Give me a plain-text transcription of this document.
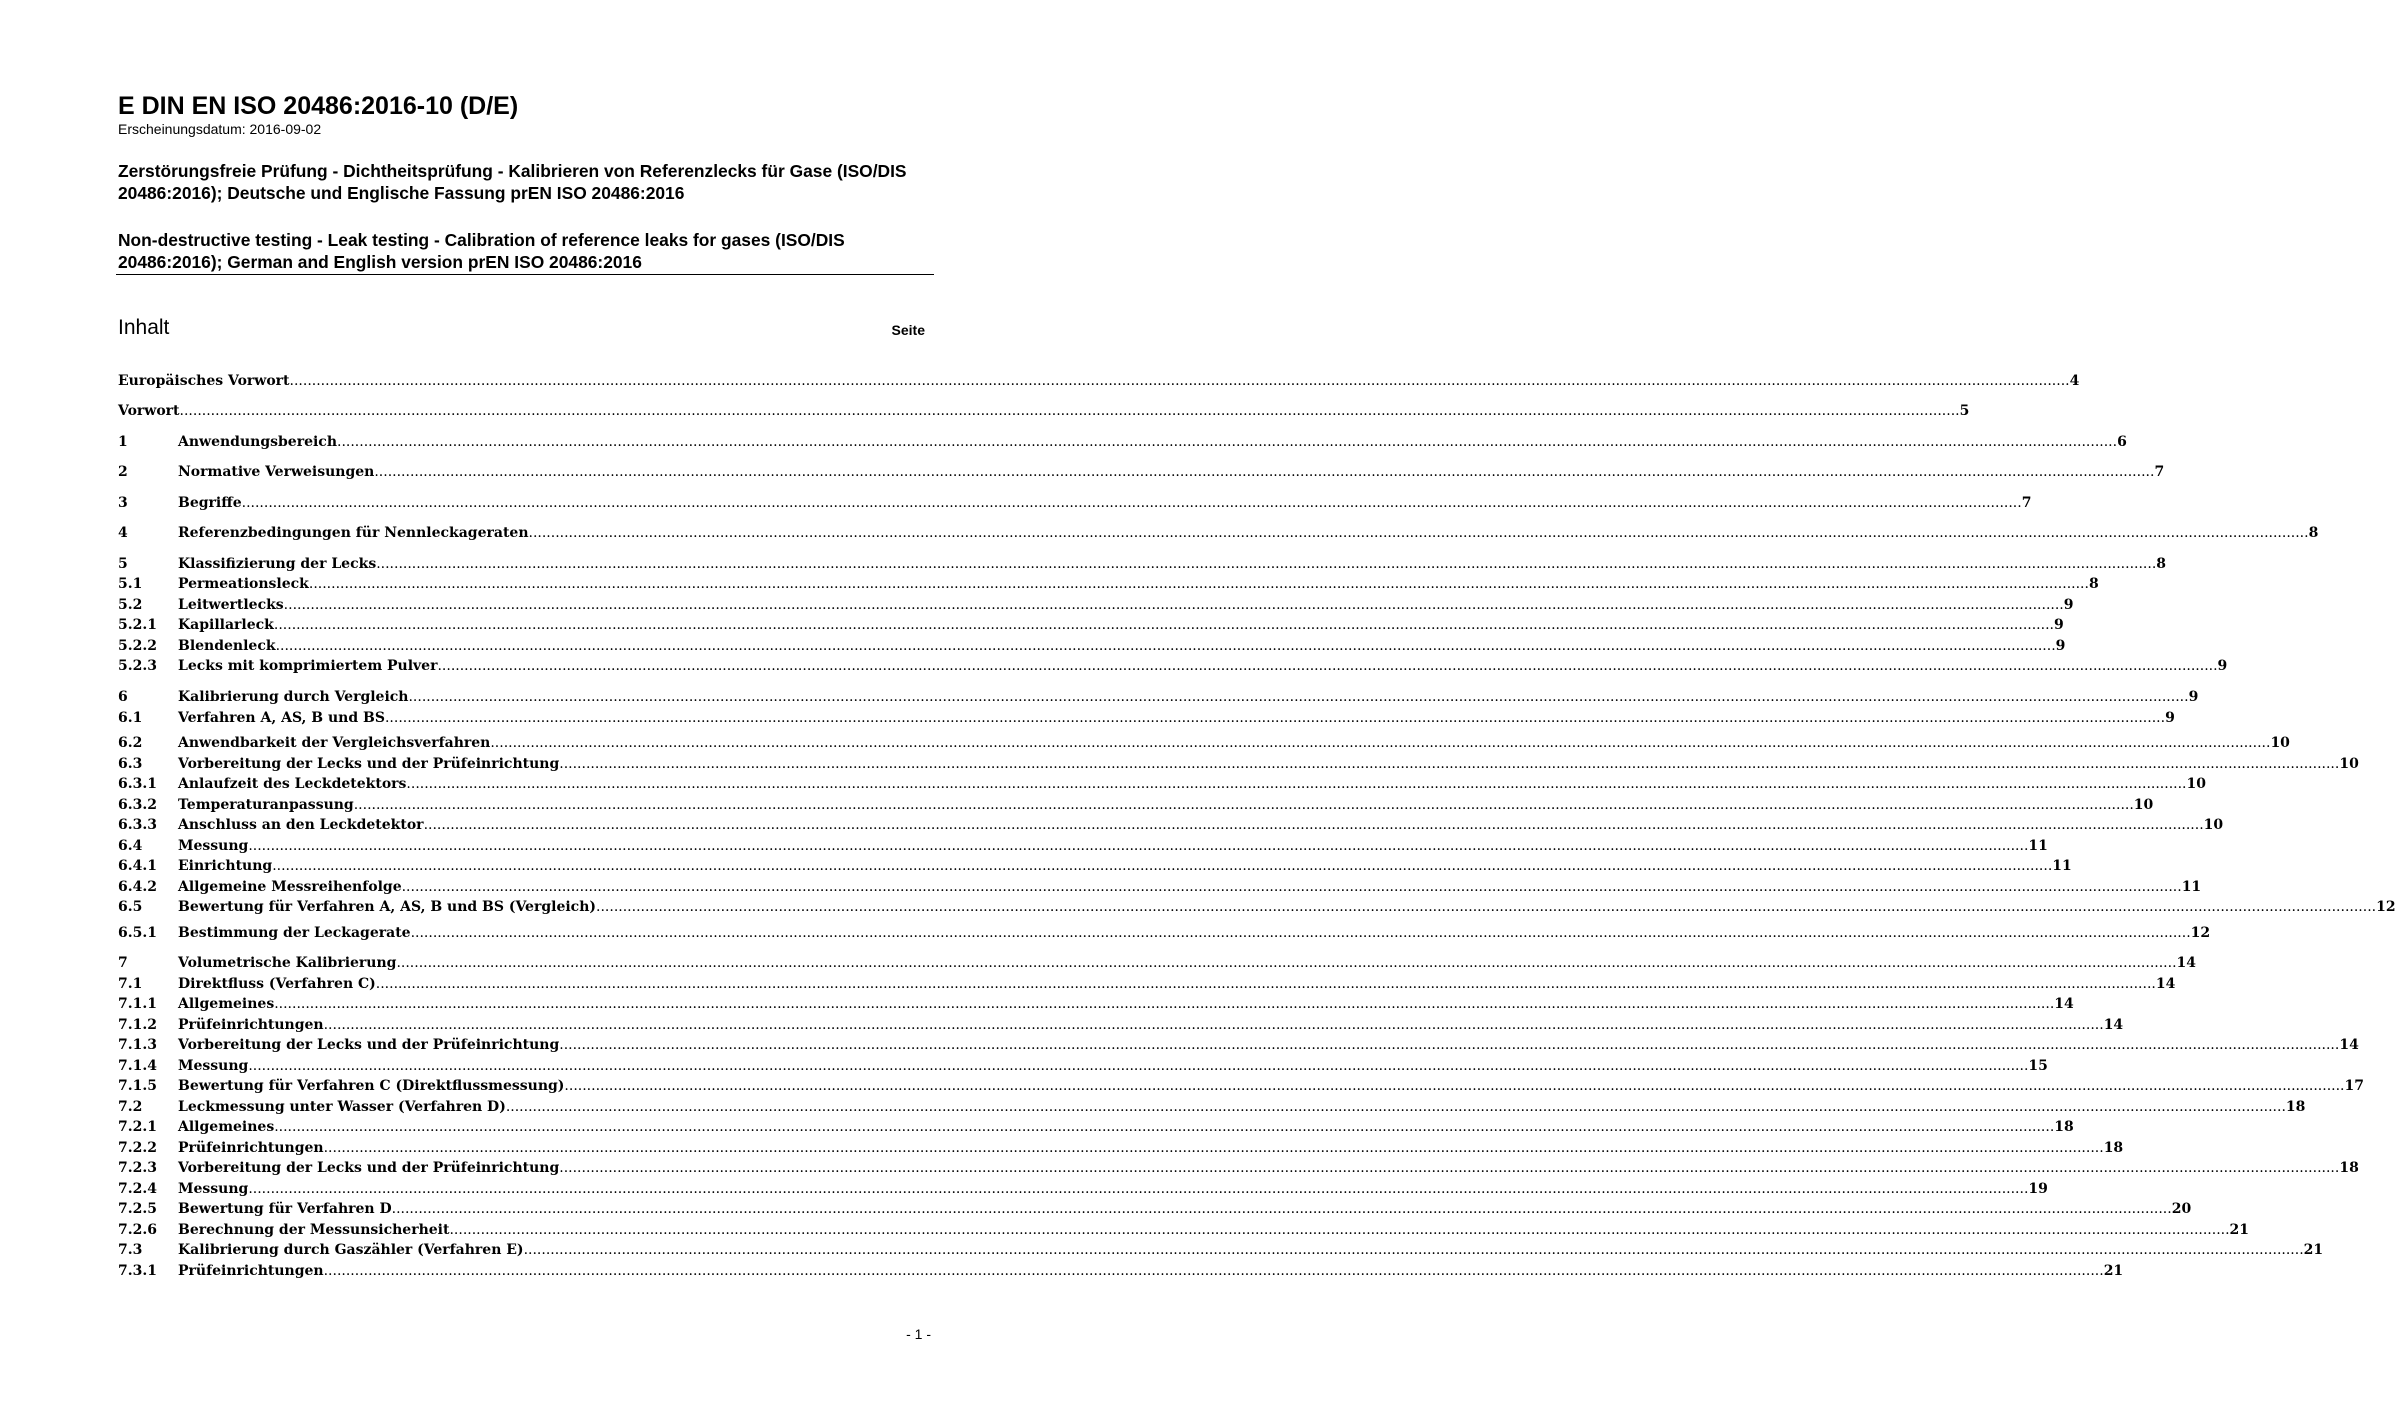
E DIN EN ISO 20486:2016-10 (D/E)
Erscheinungsdatum: 2016-09-02
Zerstörungsfreie Prüfung - Dichtheitsprüfung - Kalibrieren von Referenzlecks für Gase (ISO/DIS 20486:2016); Deutsche und Englische Fassung prEN ISO 20486:2016
Non-destructive testing - Leak testing - Calibration of reference leaks for gases (ISO/DIS 20486:2016); German and English version prEN ISO 20486:2016
Inhalt	Seite
Europäisches Vorwort ................................................................................................................................................................................................................................................................................................................................................................................................................ 4
Vorwort ................................................................................................................................................................................................................................................................................................................................................................................................................ 5
1	Anwendungsbereich ................................................................................................................................................................................................................................................................................................................................................................................................................ 6
2	Normative Verweisungen ................................................................................................................................................................................................................................................................................................................................................................................................................ 7
3	Begriffe ................................................................................................................................................................................................................................................................................................................................................................................................................ 7
4	Referenzbedingungen für Nennleckageraten ................................................................................................................................................................................................................................................................................................................................................................................................................ 8
5	Klassifizierung der Lecks ................................................................................................................................................................................................................................................................................................................................................................................................................ 8
5.1	Permeationsleck ................................................................................................................................................................................................................................................................................................................................................................................................................ 8
5.2	Leitwertlecks ................................................................................................................................................................................................................................................................................................................................................................................................................ 9
5.2.1	Kapillarleck ................................................................................................................................................................................................................................................................................................................................................................................................................ 9
5.2.2	Blendenleck ................................................................................................................................................................................................................................................................................................................................................................................................................ 9
5.2.3	Lecks mit komprimiertem Pulver ................................................................................................................................................................................................................................................................................................................................................................................................................ 9
6	Kalibrierung durch Vergleich ................................................................................................................................................................................................................................................................................................................................................................................................................ 9
6.1	Verfahren A, AS, B und BS ................................................................................................................................................................................................................................................................................................................................................................................................................ 9
6.2	Anwendbarkeit der Vergleichsverfahren ................................................................................................................................................................................................................................................................................................................................................................................................................ 10
6.3	Vorbereitung der Lecks und der Prüfeinrichtung ................................................................................................................................................................................................................................................................................................................................................................................................................ 10
6.3.1	Anlaufzeit des Leckdetektors ................................................................................................................................................................................................................................................................................................................................................................................................................ 10
6.3.2	Temperaturanpassung ................................................................................................................................................................................................................................................................................................................................................................................................................ 10
6.3.3	Anschluss an den Leckdetektor ................................................................................................................................................................................................................................................................................................................................................................................................................ 10
6.4	Messung ................................................................................................................................................................................................................................................................................................................................................................................................................ 11
6.4.1	Einrichtung ................................................................................................................................................................................................................................................................................................................................................................................................................ 11
6.4.2	Allgemeine Messreihenfolge ................................................................................................................................................................................................................................................................................................................................................................................................................ 11
6.5	Bewertung für Verfahren A, AS, B und BS (Vergleich) ................................................................................................................................................................................................................................................................................................................................................................................................................ 12
6.5.1	Bestimmung der Leckagerate ................................................................................................................................................................................................................................................................................................................................................................................................................ 12
7	Volumetrische Kalibrierung ................................................................................................................................................................................................................................................................................................................................................................................................................ 14
7.1	Direktfluss (Verfahren C) ................................................................................................................................................................................................................................................................................................................................................................................................................ 14
7.1.1	Allgemeines ................................................................................................................................................................................................................................................................................................................................................................................................................ 14
7.1.2	Prüfeinrichtungen ................................................................................................................................................................................................................................................................................................................................................................................................................ 14
7.1.3	Vorbereitung der Lecks und der Prüfeinrichtung ................................................................................................................................................................................................................................................................................................................................................................................................................ 14
7.1.4	Messung ................................................................................................................................................................................................................................................................................................................................................................................................................ 15
7.1.5	Bewertung für Verfahren C (Direktflussmessung) ................................................................................................................................................................................................................................................................................................................................................................................................................ 17
7.2	Leckmessung unter Wasser (Verfahren D) ................................................................................................................................................................................................................................................................................................................................................................................................................ 18
7.2.1	Allgemeines ................................................................................................................................................................................................................................................................................................................................................................................................................ 18
7.2.2	Prüfeinrichtungen ................................................................................................................................................................................................................................................................................................................................................................................................................ 18
7.2.3	Vorbereitung der Lecks und der Prüfeinrichtung ................................................................................................................................................................................................................................................................................................................................................................................................................ 18
7.2.4	Messung ................................................................................................................................................................................................................................................................................................................................................................................................................ 19
7.2.5	Bewertung für Verfahren D ................................................................................................................................................................................................................................................................................................................................................................................................................ 20
7.2.6	Berechnung der Messunsicherheit ................................................................................................................................................................................................................................................................................................................................................................................................................ 21
7.3	Kalibrierung durch Gaszähler (Verfahren E) ................................................................................................................................................................................................................................................................................................................................................................................................................ 21
7.3.1	Prüfeinrichtungen ................................................................................................................................................................................................................................................................................................................................................................................................................ 21
- 1 -
